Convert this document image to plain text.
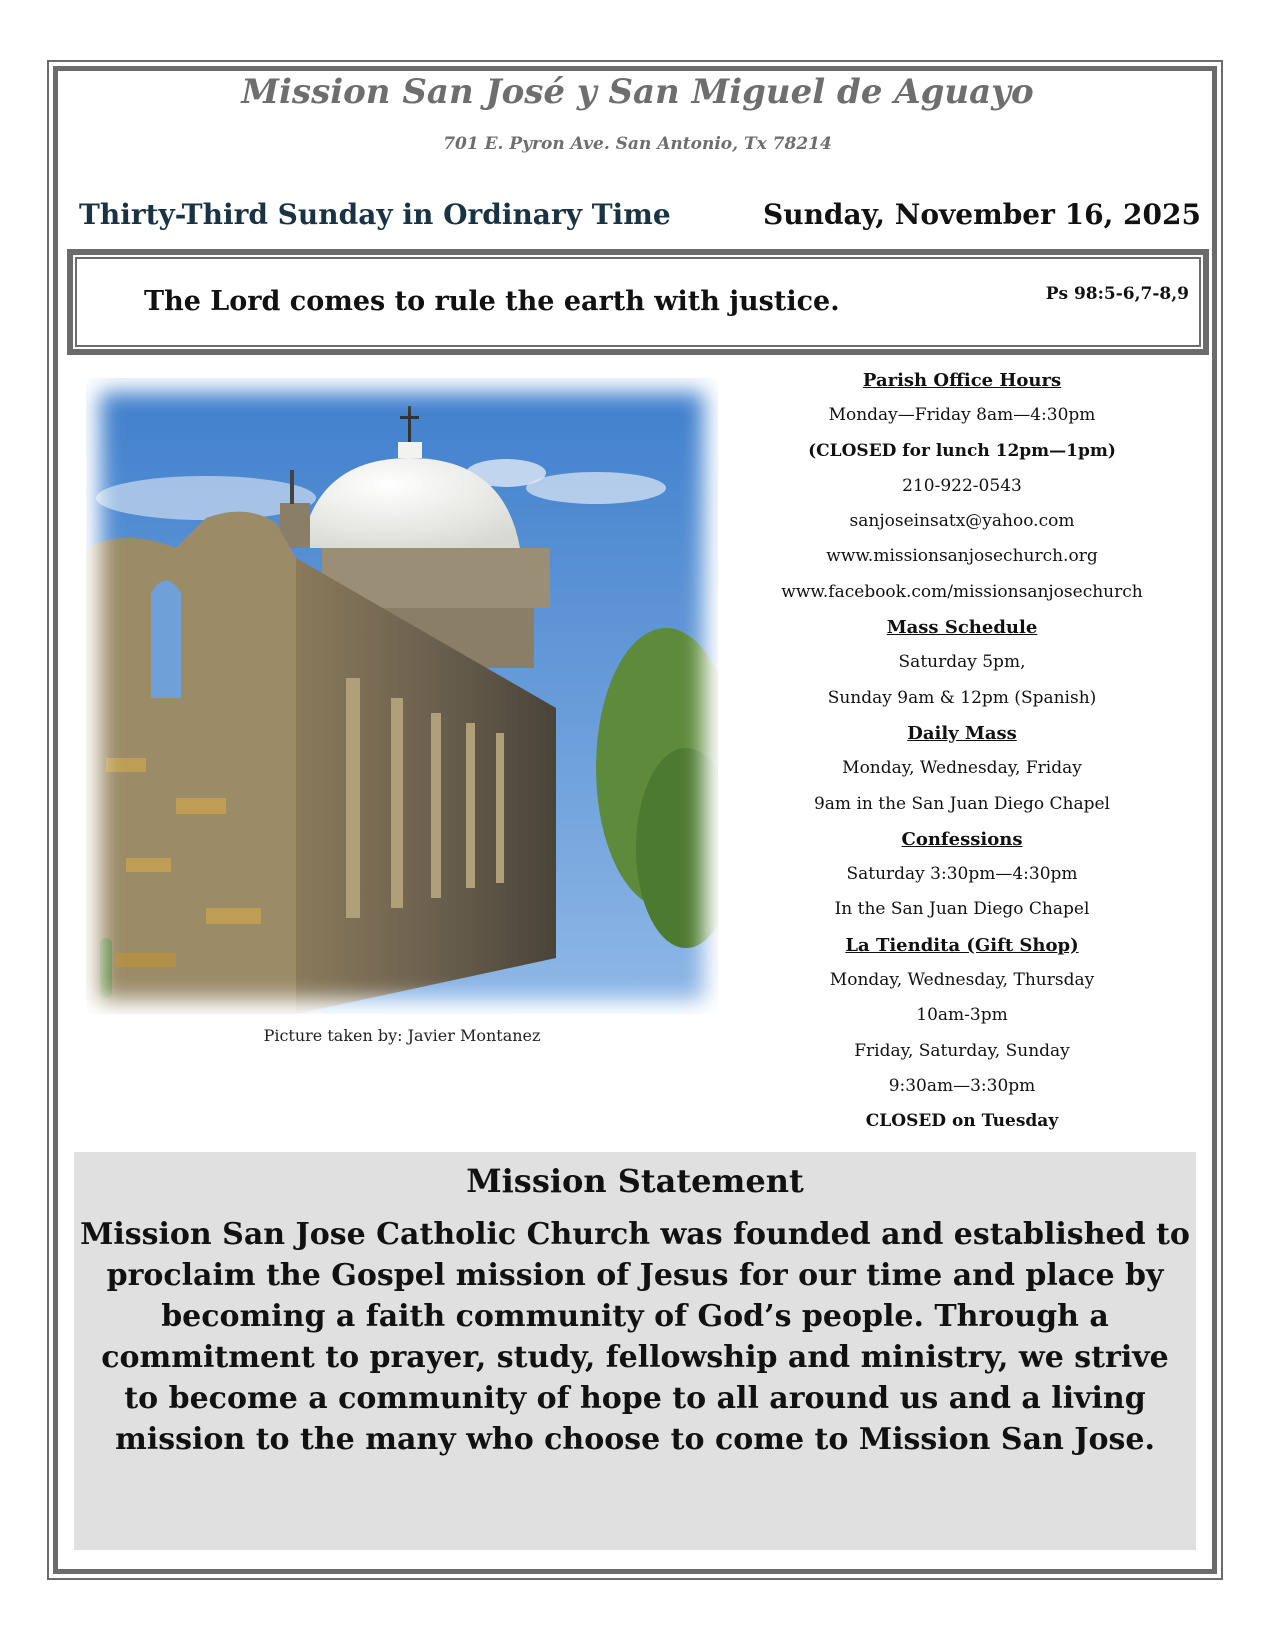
Mission San José y San Miguel de Aguayo
701 E. Pyron Ave. San Antonio, Tx 78214
Thirty-Third Sunday in Ordinary Time	Sunday, November 16, 2025
The Lord comes to rule the earth with justice.	Ps 98:5-6,7-8,9
Picture taken by: Javier Montanez
Parish Office Hours
Monday—Friday 8am—4:30pm
(CLOSED for lunch 12pm—1pm)
210-922-0543
sanjoseinsatx@yahoo.com
www.missionsanjosechurch.org
www.facebook.com/missionsanjosechurch
Mass Schedule
Saturday 5pm,
Sunday 9am & 12pm (Spanish)
Daily Mass
Monday, Wednesday, Friday
9am in the San Juan Diego Chapel
Confessions
Saturday 3:30pm—4:30pm
In the San Juan Diego Chapel
La Tiendita (Gift Shop)
Monday, Wednesday, Thursday
10am-3pm
Friday, Saturday, Sunday
9:30am—3:30pm
CLOSED on Tuesday
Mission Statement
Mission San Jose Catholic Church was founded and established to proclaim the Gospel mission of Jesus for our time and place by becoming a faith community of God’s people. Through a commitment to prayer, study, fellowship and ministry, we strive to become a community of hope to all around us and a living mission to the many who choose to come to Mission San Jose.
